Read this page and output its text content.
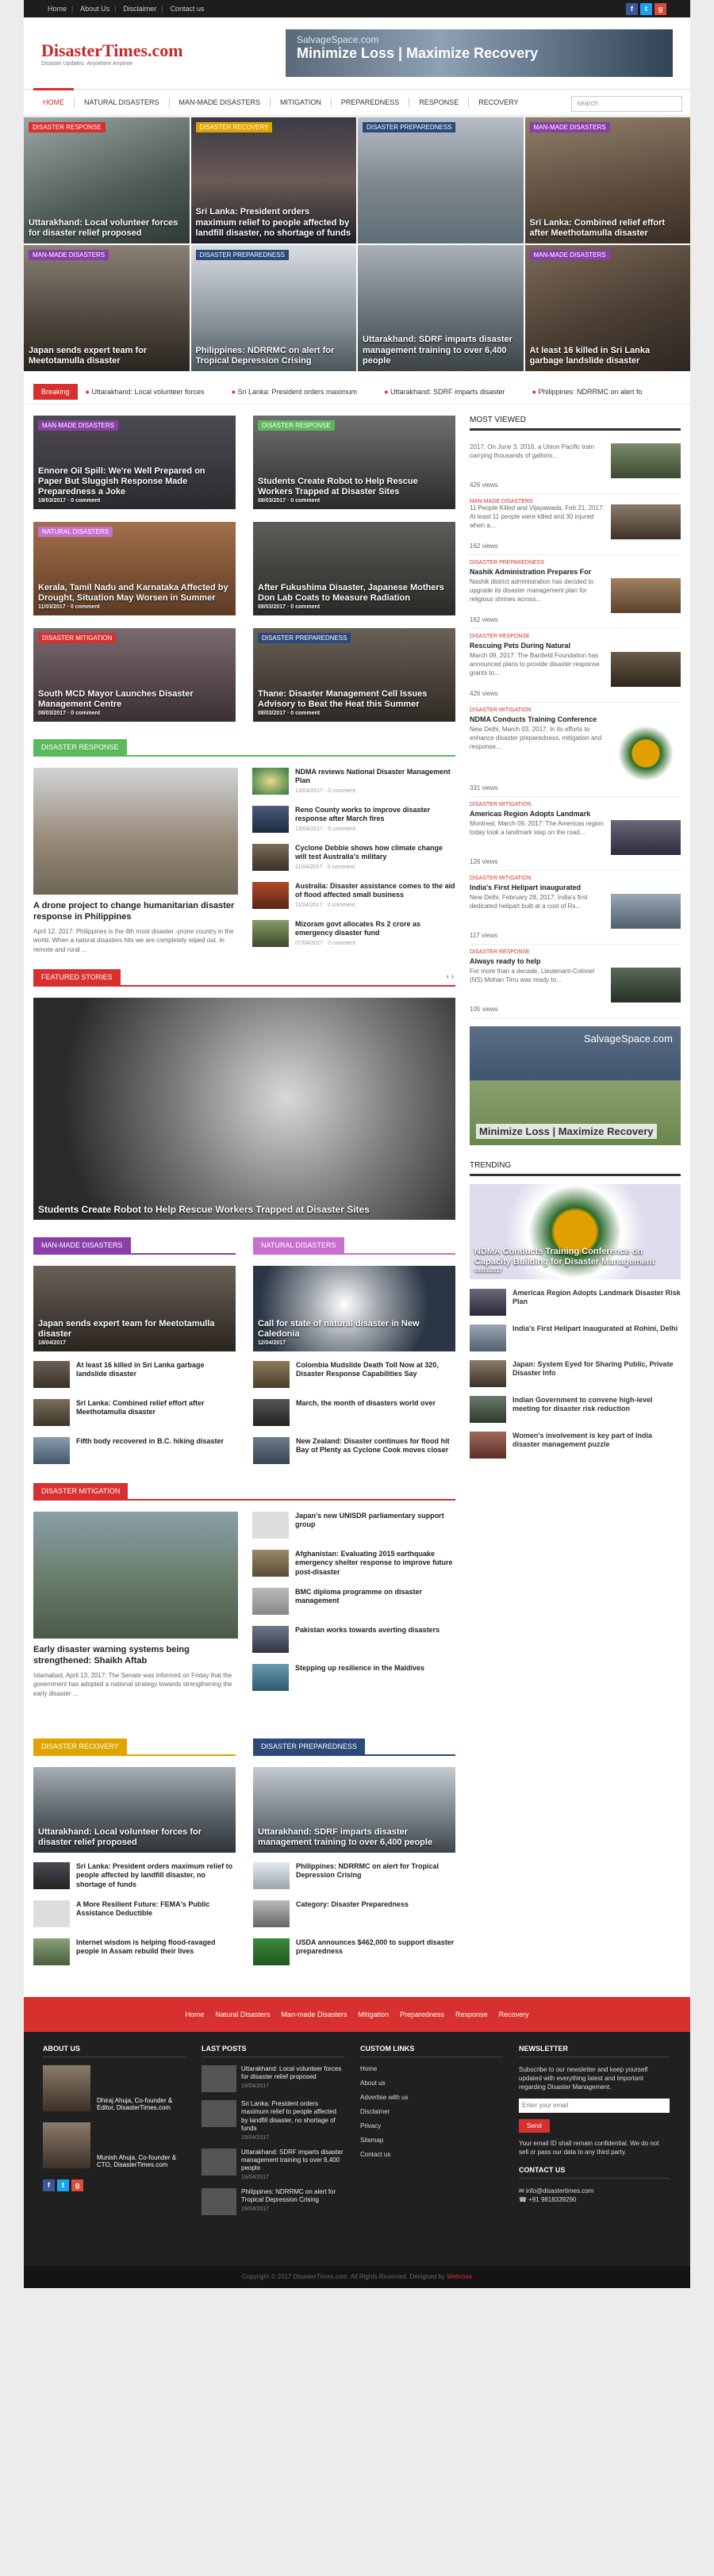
Home | About Us | Disclaimer | Contact us	f	t	g
DisasterTimes.com
Disaster Updates, Anywhere Anytime
SalvageSpace.com
Minimize Loss | Maximize Recovery
HOME	NATURAL DISASTERS	MAN-MADE DISASTERS	MITIGATION	PREPAREDNESS	RESPONSE	RECOVERY	search
DISASTER RESPONSE
Uttarakhand: Local volunteer forces for disaster relief proposed
DISASTER RECOVERY
Sri Lanka: President orders maximum relief to people affected by landfill disaster, no shortage of funds
DISASTER PREPAREDNESS	MAN-MADE DISASTERS
Sri Lanka: Combined relief effort after Meethotamulla disaster
MAN-MADE DISASTERS
Japan sends expert team for Meetotamulla disaster
DISASTER PREPAREDNESS
Philippines: NDRRMC on alert for Tropical Depression Crising
Uttarakhand: SDRF imparts disaster management training to over 6,400 people
MAN-MADE DISASTERS
At least 16 killed in Sri Lanka garbage landslide disaster
Breaking	● Uttarakhand: Local volunteer forces	● Sri Lanka: President orders maximum	● Uttarakhand: SDRF imparts disaster	● Philippines: NDRRMC on alert fo
MAN-MADE DISASTERS
Ennore Oil Spill: We're Well Prepared on Paper But Sluggish Response Made Preparedness a Joke
18/03/2017 · 0 comment
DISASTER RESPONSE
Students Create Robot to Help Rescue Workers Trapped at Disaster Sites
08/03/2017 · 0 comment
NATURAL DISASTERS
Kerala, Tamil Nadu and Karnataka Affected by Drought, Situation May Worsen in Summer
11/03/2017 · 0 comment
After Fukushima Disaster, Japanese Mothers Don Lab Coats to Measure Radiation
08/03/2017 · 0 comment
DISASTER MITIGATION
South MCD Mayor Launches Disaster Management Centre
08/03/2017 · 0 comment
DISASTER PREPAREDNESS
Thane: Disaster Management Cell Issues Advisory to Beat the Heat this Summer
08/03/2017 · 0 comment
DISASTER RESPONSE
A drone project to change humanitarian disaster response in Philippines
April 12, 2017: Philippines is the 4th most disaster -prone country in the world. When a natural disasters hits we are completely wiped out. In remote and rural ...
NDMA reviews National Disaster Management Plan
13/04/2017 · 0 comment
Reno County works to improve disaster response after March fires
13/04/2017 · 0 comment
Cyclone Debbie shows how climate change will test Australia's military
11/04/2017 · 0 comment
Australia: Disaster assistance comes to the aid of flood affected small business
11/04/2017 · 0 comment
Mizoram govt allocates Rs 2 crore as emergency disaster fund
07/04/2017 · 0 comment
FEATURED STORIES	‹ ›
Students Create Robot to Help Rescue Workers Trapped at Disaster Sites
MAN-MADE DISASTERS
Japan sends expert team for Meetotamulla disaster
18/04/2017
At least 16 killed in Sri Lanka garbage landslide disaster
Sri Lanka: Combined relief effort after Meethotamulla disaster
Fifth body recovered in B.C. hiking disaster
NATURAL DISASTERS
Call for state of natural disaster in New Caledonia
12/04/2017
Colombia Mudslide Death Toll Now at 320, Disaster Response Capabilities Say
March, the month of disasters world over
New Zealand: Disaster continues for flood hit Bay of Plenty as Cyclone Cook moves closer
DISASTER MITIGATION
Early disaster warning systems being strengthened: Shaikh Aftab
Islamabad, April 13, 2017: The Senate was informed on Friday that the government has adopted a national strategy towards strengthening the early disaster ...
Japan's new UNISDR parliamentary support group
Afghanistan: Evaluating 2015 earthquake emergency shelter response to improve future post-disaster
BMC diploma programme on disaster management
Pakistan works towards averting disasters
Stepping up resilience in the Maldives
DISASTER RECOVERY
Uttarakhand: Local volunteer forces for disaster relief proposed
Sri Lanka: President orders maximum relief to people affected by landfill disaster, no shortage of funds
A More Resilient Future: FEMA's Public Assistance Deductible
Internet wisdom is helping flood-ravaged people in Assam rebuild their lives
DISASTER PREPAREDNESS
Uttarakhand: SDRF imparts disaster management training to over 6,400 people
Philippines: NDRRMC on alert for Tropical Depression Crising
Category: Disaster Preparedness
USDA announces $462,000 to support disaster preparedness
MOST VIEWED
2017: On June 3, 2016, a Union Pacific train carrying thousands of gallons...
426 views
MAN-MADE DISASTERS
11 People Killed and Vijayawada, Feb 21, 2017: At least 11 people were killed and 30 injured when a...
162 views
DISASTER PREPAREDNESS
Nashik Administration Prepares For
Nashik district administration has decided to upgrade its disaster management plan for religious shrines across...
162 views
DISASTER RESPONSE
Rescuing Pets During Natural
March 09, 2017: The Banfield Foundation has announced plans to provide disaster response grants to...
426 views
DISASTER MITIGATION
NDMA Conducts Training Conference
New Delhi, March 03, 2017: In its efforts to enhance disaster preparedness, mitigation and response...
331 views
DISASTER MITIGATION
Americas Region Adopts Landmark
Montreal, March 09, 2017: The Americas region today took a landmark step on the road...
126 views
DISASTER MITIGATION
India's First Helipart inaugurated
New Delhi, February 28, 2017: India's first dedicated helipart built at a cost of Rs...
117 views
DISASTER RESPONSE
Always ready to help
For more than a decade, Lieutenant-Colonel (NS) Mohan Tirru was ready to...
105 views
SalvageSpace.com
Minimize Loss | Maximize Recovery
TRENDING
NDMA Conducts Training Conference on Capacity Building for Disaster Management
03/03/2017
Americas Region Adopts Landmark Disaster Risk Plan
India's First Helipart inaugurated at Rohini, Delhi
Japan: System Eyed for Sharing Public, Private Disaster Info
Indian Government to convene high-level meeting for disaster risk reduction
Women's involvement is key part of India disaster management puzzle
Home Natural Disasters Man-made Disasters Mitigation Preparedness Response Recovery
ABOUT US
Dhiraj Ahuja, Co-founder & Editor, DisasterTimes.com
Munish Ahuja, Co-founder & CTO, DisasterTimes.com
f	t	g
LAST POSTS
Uttarakhand: Local volunteer forces for disaster relief proposed
19/04/2017
Sri Lanka: President orders maximum relief to people affected by landfill disaster, no shortage of funds
19/04/2017
Uttarakhand: SDRF imparts disaster management training to over 6,400 people
19/04/2017
Philippines: NDRRMC on alert for Tropical Depression Crising
19/04/2017
CUSTOM LINKS
Home
About us
Advertise with us
Disclaimer
Privacy
Sitemap
Contact us
NEWSLETTER
Subscribe to our newsletter and keep yourself updated with everything latest and important regarding Disaster Management.
Enter your email
Send
Your email ID shall remain confidential. We do not sell or pass our data to any third party.
CONTACT US
✉ info@disastertimes.com
☎ +91 9818339290
Copyright © 2017 DisasterTimes.com. All Rights Reserved. Designed by Webrose
